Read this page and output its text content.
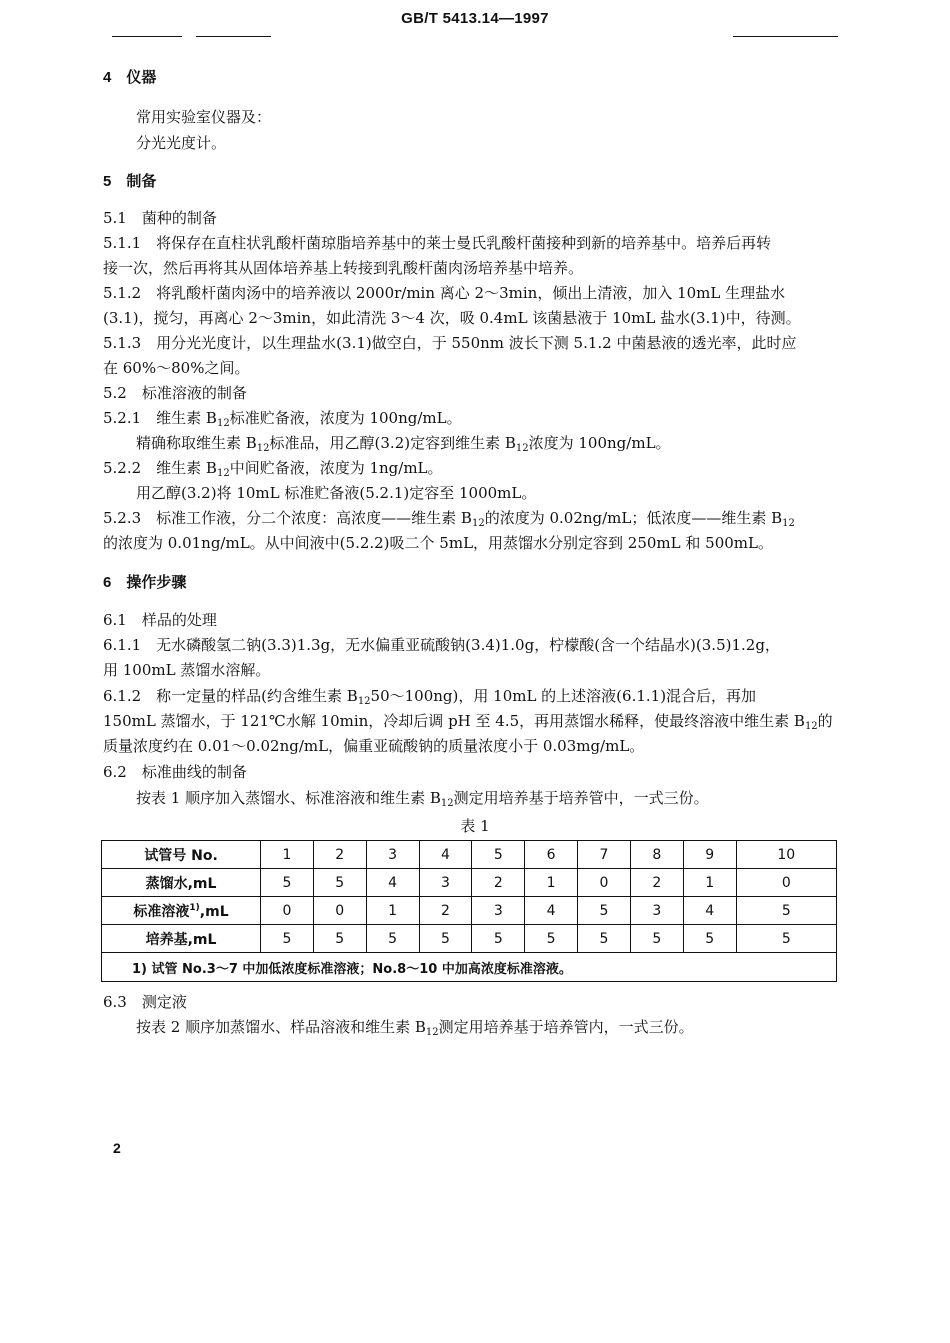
GB/T 5413.14—1997
4　仪器
常用实验室仪器及：
分光光度计。
5　制备
5.1　菌种的制备
5.1.1　将保存在直柱状乳酸杆菌琼脂培养基中的莱士曼氏乳酸杆菌接种到新的培养基中。培养后再转
接一次，然后再将其从固体培养基上转接到乳酸杆菌肉汤培养基中培养。
5.1.2　将乳酸杆菌肉汤中的培养液以 2000r/min 离心 2～3min，倾出上清液，加入 10mL 生理盐水
(3.1)，搅匀，再离心 2～3min，如此清洗 3～4 次，吸 0.4mL 该菌悬液于 10mL 盐水(3.1)中，待测。
5.1.3　用分光光度计，以生理盐水(3.1)做空白，于 550nm 波长下测 5.1.2 中菌悬液的透光率，此时应
在 60%～80%之间。
5.2　标准溶液的制备
5.2.1　维生素 $B_{12}$标准贮备液，浓度为 100ng/mL。
精确称取维生素 $B_{12}$标准品，用乙醇(3.2)定容到维生素 $B_{12}$浓度为 100ng/mL。
5.2.2　维生素 $B_{12}$中间贮备液，浓度为 1ng/mL。
用乙醇(3.2)将 10mL 标准贮备液(5.2.1)定容至 1000mL。
5.2.3　标准工作液，分二个浓度：高浓度——维生素 $B_{12}$的浓度为 0.02ng/mL；低浓度——维生素 $B_{12}$
的浓度为 0.01ng/mL。从中间液中(5.2.2)吸二个 5mL，用蒸馏水分别定容到 250mL 和 500mL。
6　操作步骤
6.1　样品的处理
6.1.1　无水磷酸氢二钠(3.3)1.3g，无水偏重亚硫酸钠(3.4)1.0g，柠檬酸(含一个结晶水)(3.5)1.2g，
用 100mL 蒸馏水溶解。
6.1.2　称一定量的样品(约含维生素 $B_{12}50\sim 100ng$)，用 10mL 的上述溶液(6.1.1)混合后，再加
150mL 蒸馏水，于 121℃水解 10min，冷却后调 pH 至 4.5，再用蒸馏水稀释，使最终溶液中维生素 $B_{12}$的
质量浓度约在 0.01～0.02ng/mL，偏重亚硫酸钠的质量浓度小于 0.03mg/mL。
6.2　标准曲线的制备
按表 1 顺序加入蒸馏水、标准溶液和维生素 $B_{12}$测定用培养基于培养管中，一式三份。
表 1
试管号 No.	1	2	3	4	5	6	7	8	9	10
蒸馏水,mL	5	5	4	3	2	1	0	2	1	0
标准溶液$^{1)}$,mL	0	0	1	2	3	4	5	3	4	5
培养基,mL	5	5	5	5	5	5	5	5	5	5
1) 试管 No.3～7 中加低浓度标准溶液；No.8～10 中加高浓度标准溶液。										
6.3　测定液
按表 2 顺序加蒸馏水、样品溶液和维生素 $B_{12}$测定用培养基于培养管内，一式三份。
2
